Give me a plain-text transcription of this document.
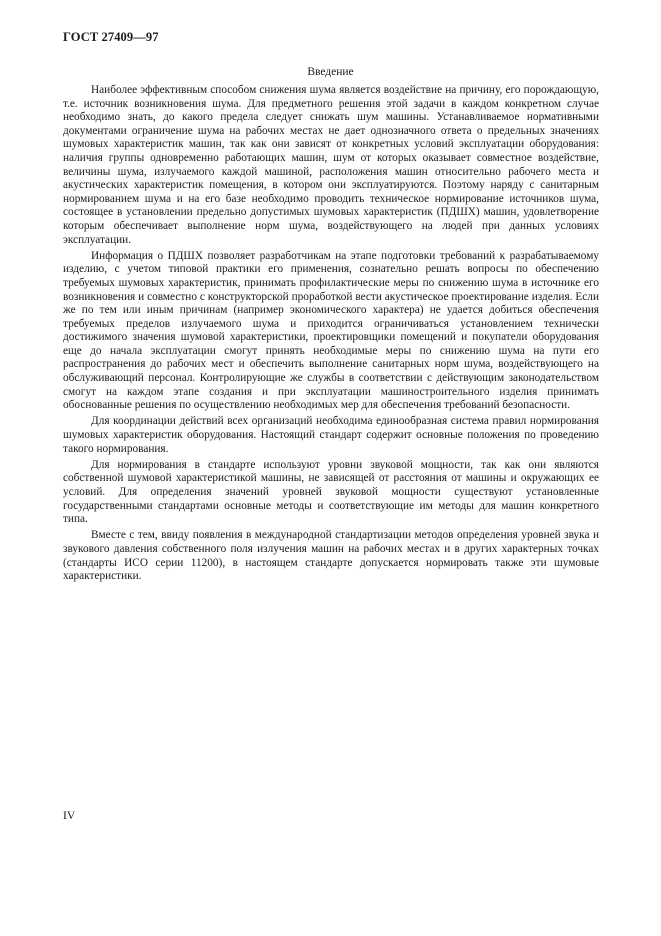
ГОСТ 27409—97
Введение

Наиболее эффективным способом снижения шума является воздействие на причину, его порождающую, т.е. источник возникновения шума. Для предметного решения этой задачи в каждом конкретном случае необходимо знать, до какого предела следует снижать шум машины. Устанавливаемое нормативными документами ограничение шума на рабочих местах не дает однозначного ответа о предельных значениях шумовых характеристик машин, так как они зависят от конкретных условий эксплуатации оборудования: наличия группы одновременно работающих машин, шум от которых оказывает совместное воздействие, величины шума, излучаемого каждой машиной, расположения машин относительно рабочего места и акустических характеристик помещения, в котором они эксплуатируются. Поэтому наряду с санитарным нормированием шума и на его базе необходимо проводить техническое нормирование источников шума, состоящее в установлении предельно допустимых шумовых характеристик (ПДШХ) машин, удовлетворение которым обеспечивает выполнение норм шума, воздействующего на людей при данных условиях эксплуатации.

Информация о ПДШХ позволяет разработчикам на этапе подготовки требований к разрабатываемому изделию, с учетом типовой практики его применения, сознательно решать вопросы по обеспечению требуемых шумовых характеристик, принимать профилактические меры по снижению шума в источнике его возникновения и совместно с конструкторской проработкой вести акустическое проектирование изделия. Если же по тем или иным причинам (например экономического характера) не удается добиться обеспечения требуемых пределов излучаемого шума и приходится ограничиваться установлением технически достижимого значения шумовой характеристики, проектировщики помещений и покупатели оборудования еще до начала эксплуатации смогут принять необходимые меры по снижению шума на пути его распространения до рабочих мест и обеспечить выполнение санитарных норм шума, воздействующего на обслуживающий персонал. Контролирующие же службы в соответствии с действующим законодательством смогут на каждом этапе создания и при эксплуатации машиностроительного изделия принимать обоснованные решения по осуществлению необходимых мер для обеспечения требований безопасности.

Для координации действий всех организаций необходима единообразная система правил нормирования шумовых характеристик оборудования. Настоящий стандарт содержит основные положения по проведению такого нормирования.

Для нормирования в стандарте используют уровни звуковой мощности, так как они являются собственной шумовой характеристикой машины, не зависящей от расстояния от машины и окружающих ее условий. Для определения значений уровней звуковой мощности существуют установленные государственными стандартами основные методы и соответствующие им методы для машин конкретного типа.

Вместе с тем, ввиду появления в международной стандартизации методов определения уровней звука и звукового давления собственного поля излучения машин на рабочих местах и в других характерных точках (стандарты ИСО серии 11200), в настоящем стандарте допускается нормировать также эти шумовые характеристики.

IV
